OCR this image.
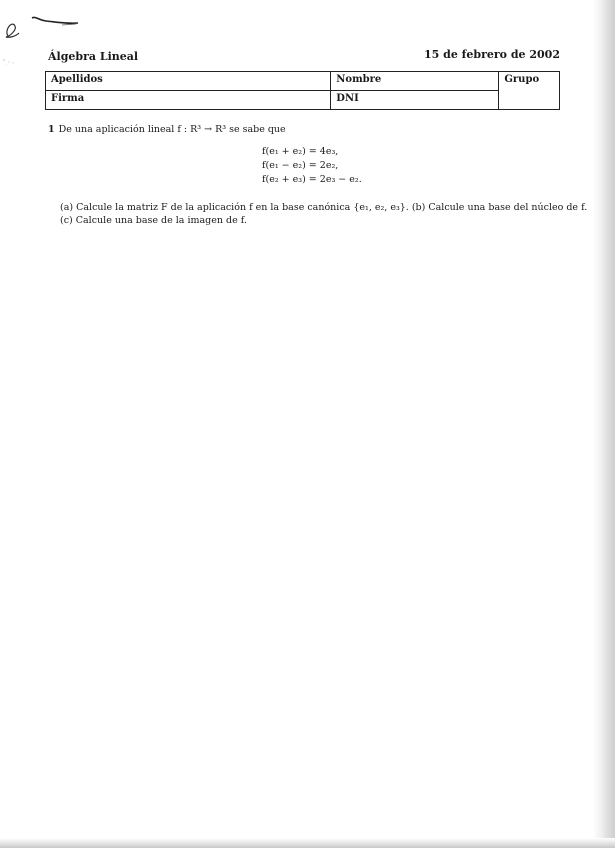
Álgebra Lineal	15 de febrero de 2002
Apellidos	Nombre	Grupo
Firma	DNI	
1 De una aplicación lineal f : R³ → R³ se sabe que
f(e₁ + e₂) = 4e₃,
f(e₁ − e₂) = 2e₂,
f(e₂ + e₃) = 2e₃ − e₂.
(a) Calcule la matriz F de la aplicación f en la base canónica {e₁, e₂, e₃}. (b) Calcule una base del núcleo de f.
(c) Calcule una base de la imagen de f.
